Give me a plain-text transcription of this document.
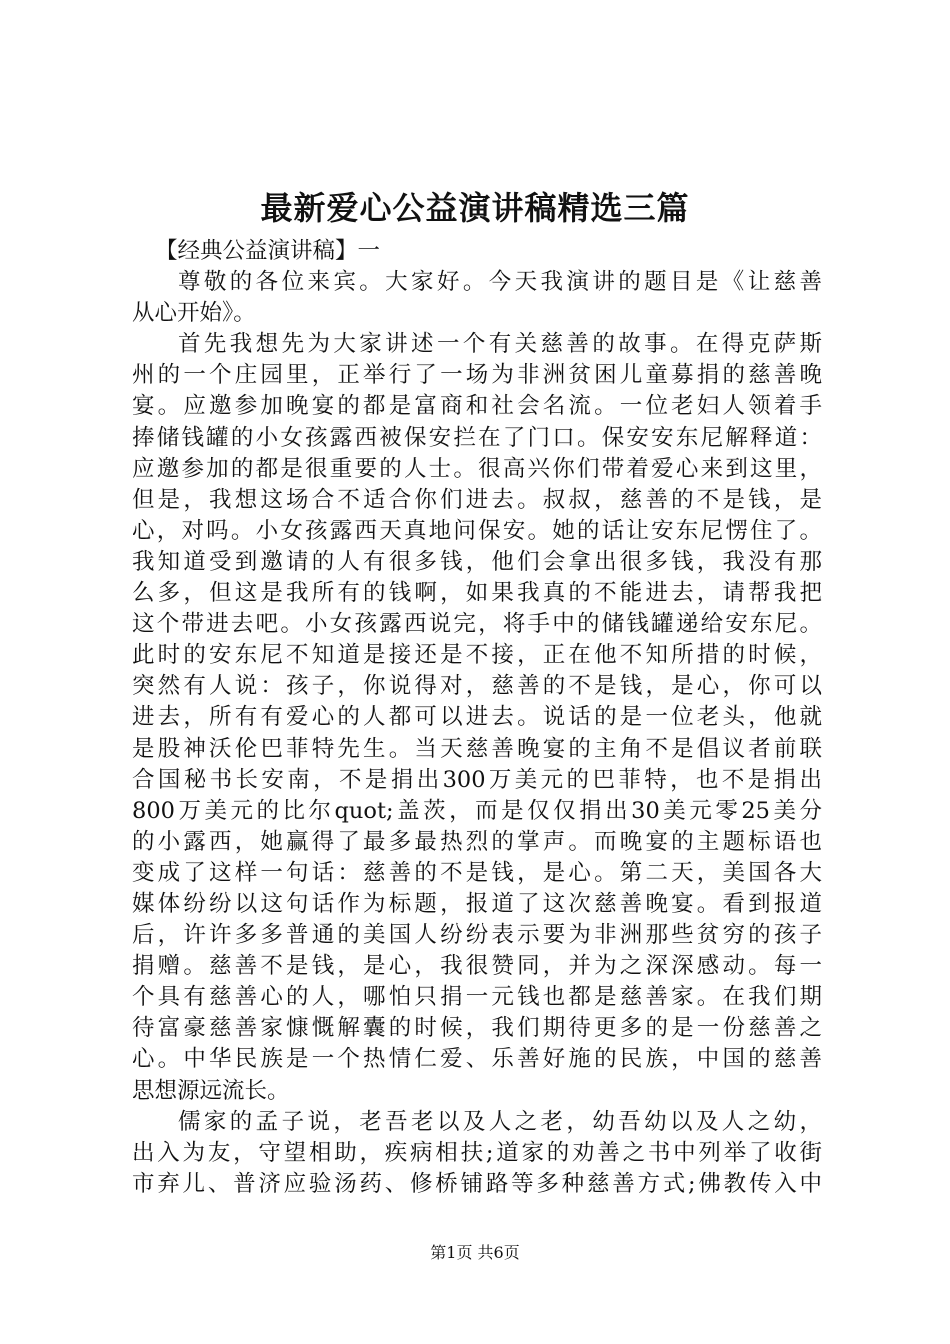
最新爱心公益演讲稿精选三篇
【经典公益演讲稿】一
尊敬的各位来宾。大家好。今天我演讲的题目是《让慈善
从心开始》。
首先我想先为大家讲述一个有关慈善的故事。在得克萨斯
州的一个庄园里，正举行了一场为非洲贫困儿童募捐的慈善晚
宴。应邀参加晚宴的都是富商和社会名流。一位老妇人领着手
捧储钱罐的小女孩露西被保安拦在了门口。保安安东尼解释道：
应邀参加的都是很重要的人士。很高兴你们带着爱心来到这里，
但是，我想这场合不适合你们进去。叔叔，慈善的不是钱，是
心，对吗。小女孩露西天真地问保安。她的话让安东尼愣住了。
我知道受到邀请的人有很多钱，他们会拿出很多钱，我没有那
么多，但这是我所有的钱啊，如果我真的不能进去，请帮我把
这个带进去吧。小女孩露西说完，将手中的储钱罐递给安东尼。
此时的安东尼不知道是接还是不接，正在他不知所措的时候，
突然有人说：孩子，你说得对，慈善的不是钱，是心，你可以
进去，所有有爱心的人都可以进去。说话的是一位老头，他就
是股神沃伦巴菲特先生。当天慈善晚宴的主角不是倡议者前联
合国秘书长安南，不是捐出300万美元的巴菲特，也不是捐出
800万美元的比尔quot;盖茨，而是仅仅捐出30美元零25美分
的小露西，她赢得了最多最热烈的掌声。而晚宴的主题标语也
变成了这样一句话：慈善的不是钱，是心。第二天，美国各大
媒体纷纷以这句话作为标题，报道了这次慈善晚宴。看到报道
后，许许多多普通的美国人纷纷表示要为非洲那些贫穷的孩子
捐赠。慈善不是钱，是心，我很赞同，并为之深深感动。每一
个具有慈善心的人，哪怕只捐一元钱也都是慈善家。在我们期
待富豪慈善家慷慨解囊的时候，我们期待更多的是一份慈善之
心。中华民族是一个热情仁爱、乐善好施的民族，中国的慈善
思想源远流长。
儒家的孟子说，老吾老以及人之老，幼吾幼以及人之幼，
出入为友，守望相助，疾病相扶;道家的劝善之书中列举了收街
市弃儿、普济应验汤药、修桥铺路等多种慈善方式;佛教传入中
第1页 共6页
